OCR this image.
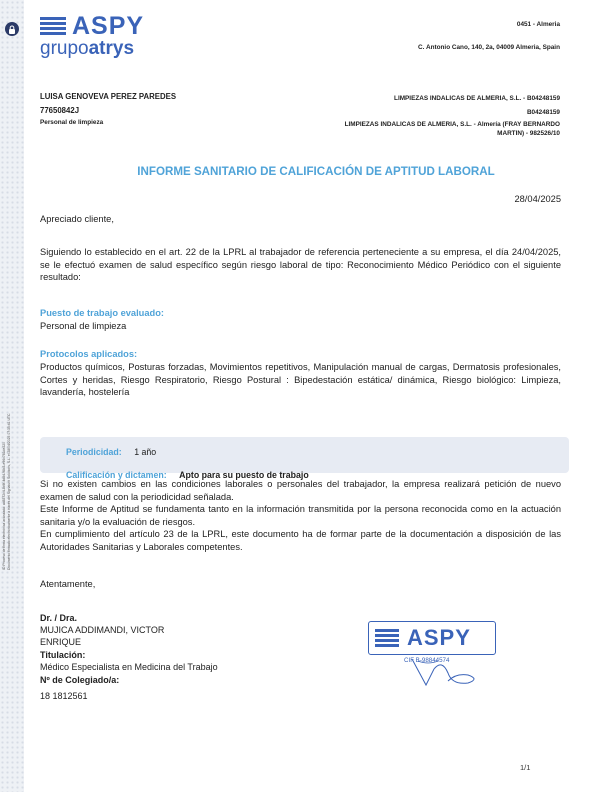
ID Proceso de firma electrónica avanzada: ad8372c4-8c9f-4d84-98c3-e96c781de220 Documento firmado electrónicamente a través del Signaturit Solutions, S.L. el 28/04/2025 07:35:41 UTC
ASPY
grupoatrys
0451 - Almeria
C. Antonio Cano, 140, 2a, 04009 Almeria, Spain
LUISA GENOVEVA PEREZ PAREDES
77650842J
Personal de limpieza
LIMPIEZAS INDALICAS DE ALMERIA, S.L. - B04248159
B04248159
LIMPIEZAS INDALICAS DE ALMERIA, S.L. - Almería (FRAY BERNARDO
MARTIN) - 982526/10
INFORME SANITARIO DE CALIFICACIÓN DE APTITUD LABORAL
28/04/2025
Apreciado cliente,
Siguiendo lo establecido en el art. 22 de la LPRL al trabajador de referencia perteneciente a su empresa, el día 24/04/2025, se le efectuó examen de salud específico según riesgo laboral de tipo: Reconocimiento Médico Periódico con el siguiente resultado:
Puesto de trabajo evaluado:
Personal de limpieza
Protocolos aplicados:
Productos químicos, Posturas forzadas, Movimientos repetitivos, Manipulación manual de cargas, Dermatosis profesionales, Cortes y heridas, Riesgo Respiratorio, Riesgo Postural : Bipedestación estática/ dinámica, Riesgo biológico: Limpieza, lavandería, hostelería
Periodicidad: 1 año
Calificación y dictamen: Apto para su puesto de trabajo
Si no existen cambios en las condiciones laborales o personales del trabajador, la empresa realizará petición de nuevo examen de salud con la periodicidad señalada.
Este Informe de Aptitud se fundamenta tanto en la información transmitida por la persona reconocida como en la actuación sanitaria y/o la evaluación de riesgos.
En cumplimiento del artículo 23 de la LPRL, este documento ha de formar parte de la documentación a disposición de las Autoridades Sanitarias y Laborales competentes.
Atentamente,
Dr. / Dra.
MUJICA ADDIMANDI, VICTOR ENRIQUE
Titulación:
Médico Especialista en Medicina del Trabajo
Nº de Colegiado/a:
18 1812561
ASPY
CIF B-98844574
1/1
